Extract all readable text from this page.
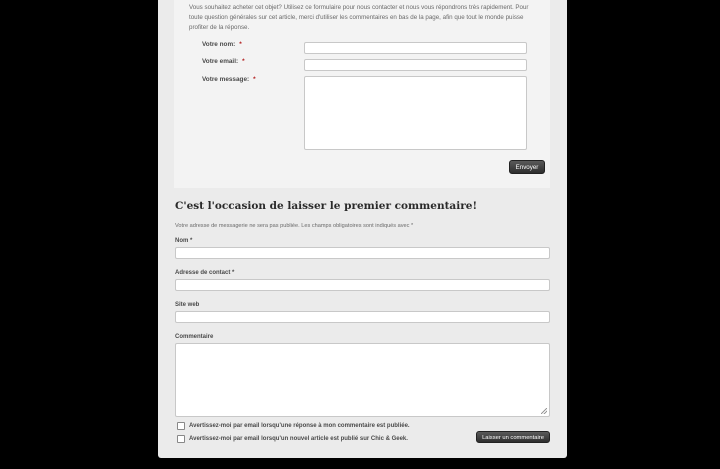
Vous souhaitez acheter cet objet? Utilisez ce formulaire pour nous contacter et nous vous répondrons très rapidement. Pour toute question générales sur cet article, merci d'utiliser les commentaires en bas de la page, afin que tout le monde puisse profiter de la réponse.

Votre nom: *
Votre email: *
Votre message: *
Envoyer
C'est l'occasion de laisser le premier commentaire!

Votre adresse de messagerie ne sera pas publiée. Les champs obligatoires sont indiqués avec *

Nom *
Adresse de contact *
Site web
Commentaire
Avertissez-moi par email lorsqu'une réponse à mon commentaire est publiée.
Avertissez-moi par email lorsqu'un nouvel article est publié sur Chic & Geek.	Laisser un commentaire
